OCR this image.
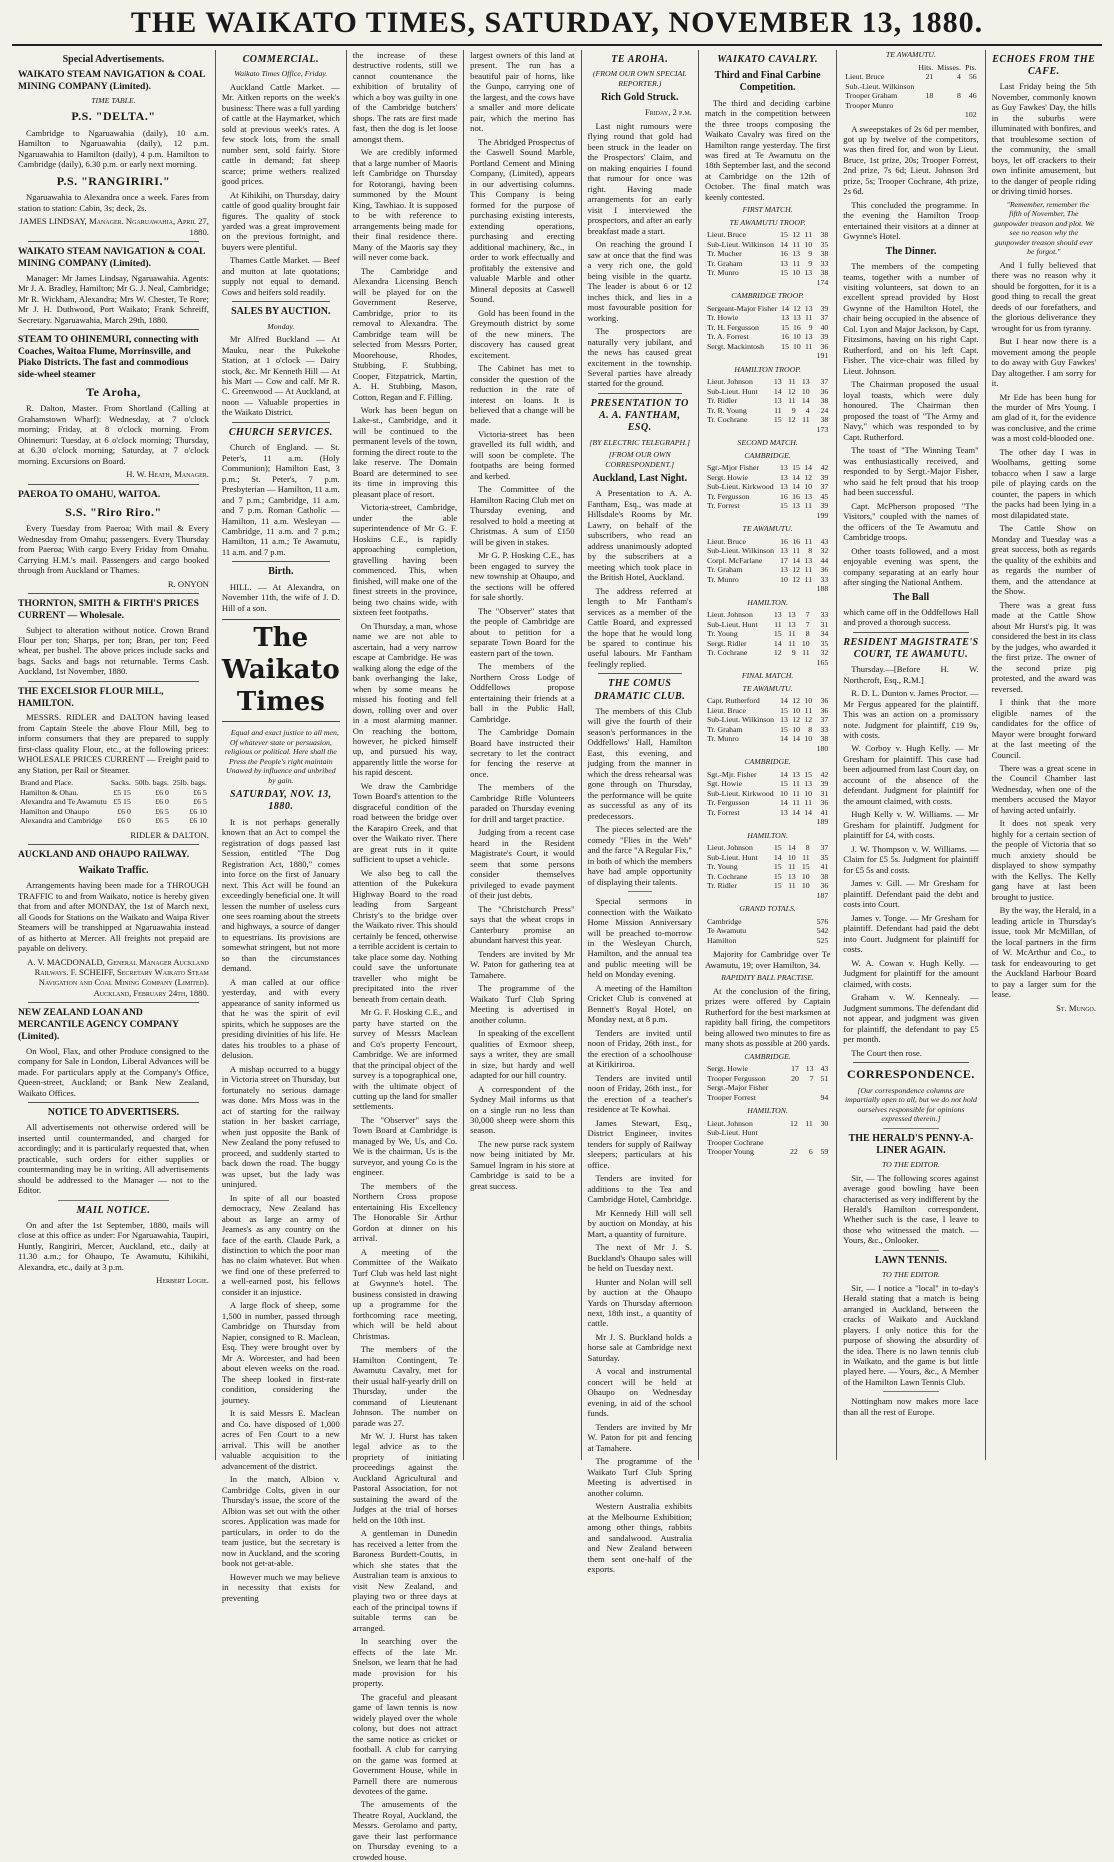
THE WAIKATO TIMES, SATURDAY, NOVEMBER 13, 1880.
Special Advertisements.
WAIKATO STEAM NAVIGATION & COAL MINING COMPANY (Limited).
TIME TABLE.
P.S. "DELTA."

Cambridge to Ngaruawahia (daily), 10 a.m. Hamilton to Ngaruawahia (daily), 12 p.m. Ngaruawahia to Hamilton (daily), 4 p.m. Hamilton to Cambridge (daily), 6.30 p.m. or early next morning.

P.S. "RANGIRIRI."

Ngaruawahia to Alexandra once a week. Fares from station to station: Cabin, 3s; deck, 2s.

JAMES LINDSAY, Manager. Ngaruawahia, April 27, 1880.
WAIKATO STEAM NAVIGATION & COAL MINING COMPANY (Limited).

Manager: Mr James Lindsay, Ngaruawahia. Agents: Mr J. A. Bradley, Hamilton; Mr G. J. Neal, Cambridge; Mr R. Wickham, Alexandra; Mrs W. Chester, Te Rore; Mr J. H. Duthwood, Port Waikato; Frank Schreiff, Secretary. Ngaruawahia, March 29th, 1880.

STEAM TO OHINEMURI, connecting with Coaches, Waitoa Flume, Morrinsville, and Piako Districts. The fast and commodious side-wheel steamer
Te Aroha,

R. Dalton, Master. From Shortland (Calling at Grahamstown Wharf): Wednesday, at 7 o'clock morning; Friday, at 8 o'clock morning. From Ohinemuri: Tuesday, at 6 o'clock morning; Thursday, at 6.30 o'clock morning; Saturday, at 7 o'clock morning. Excursions on Board.

H. W. Heath, Manager.
PAEROA TO OMAHU, WAITOA.
S.S. "Riro Riro."

Every Tuesday from Paeroa; With mail & Every Wednesday from Omahu; passengers. Every Thursday from Paeroa; With cargo Every Friday from Omahu. Carrying H.M.'s mail. Passengers and cargo booked through from Auckland or Thames.

R. ONYON
THORNTON, SMITH & FIRTH'S PRICES CURRENT — Wholesale.

Subject to alteration without notice. Crown Brand Flour per ton; Sharps, per ton; Bran, per ton; Feed wheat, per bushel. The above prices include sacks and bags. Sacks and bags not returnable. Terms Cash. Auckland, 1st November, 1880.

THE EXCELSIOR FLOUR MILL, HAMILTON.

MESSRS. RIDLER and DALTON having leased from Captain Steele the above Flour Mill, beg to inform consumers that they are prepared to supply first-class quality Flour, etc., at the following prices: WHOLESALE PRICES CURRENT — Freight paid to any Station, per Rail or Steamer.

Brand and Place.	Sacks.	50lb. bags.	25lb. bags.
Hamilton & Ohau.	£5 15	£6 0	£6 5
Alexandra and Te Awamutu	£5 15	£6 0	£6 5
Hamilton and Ohaupo	£6 0	£6 5	£6 10
Alexandra and Cambridge	£6 0	£6 5	£6 10
RIDLER & DALTON.
AUCKLAND AND OHAUPO RAILWAY.
Waikato Traffic.

Arrangements having been made for a THROUGH TRAFFIC to and from Waikato, notice is hereby given that from and after MONDAY, the 1st of March next, all Goods for Stations on the Waikato and Waipa River Steamers will be transhipped at Ngaruawahia instead of as hitherto at Mercer. All freights not prepaid are payable on delivery.

A. V. MACDONALD, General Manager Auckland Railways. F. SCHEIFF, Secretary Waikato Steam Navigation and Coal Mining Company (Limited). Auckland, February 24th, 1880.
NEW ZEALAND LOAN AND MERCANTILE AGENCY COMPANY (Limited).

On Wool, Flax, and other Produce consigned to the company for Sale in London, Liberal Advances will be made. For particulars apply at the Company's Office, Queen-street, Auckland; or Bank New Zealand, Waikato Offices.

NOTICE TO ADVERTISERS.

All advertisements not otherwise ordered will be inserted until countermanded, and charged for accordingly; and it is particularly requested that, when practicable, such orders for either supplies or countermanding may be in writing. All advertisements should be addressed to the Manager — not to the Editor.

MAIL NOTICE.

On and after the 1st September, 1880, mails will close at this office as under: For Ngaruawahia, Taupiri, Huntly, Rangiriri, Mercer, Auckland, etc., daily at 11.30 a.m.; for Ohaupo, Te Awamutu, Kihikihi, Alexandra, etc., daily at 3 p.m.

Herbert Logie.
COMMERCIAL.
Waikato Times Office, Friday.

Auckland Cattle Market. — Mr. Aitken reports on the week's business: There was a full yarding of cattle at the Haymarket, which sold at previous week's rates. A few stock lots, from the small number sent, sold fairly. Store cattle in demand; fat sheep scarce; prime wethers realized good prices.

At Kihikihi, on Thursday, dairy cattle of good quality brought fair figures. The quality of stock yarded was a great improvement on the previous fortnight, and buyers were plentiful.

Thames Cattle Market. — Beef and mutton at late quotations; supply not equal to demand. Cows and heifers sold readily.

SALES BY AUCTION.
Monday.

Mr Alfred Buckland — At Mauku, near the Pukekohe Station, at 1 o'clock — Dairy stock, &c. Mr Kenneth Hill — At his Mart — Cow and calf. Mr R. C. Greenwood — At Auckland, at noon — Valuable properties in the Waikato District.

CHURCH SERVICES.

Church of England. — St. Peter's, 11 a.m. (Holy Communion); Hamilton East, 3 p.m.; St. Peter's, 7 p.m. Presbyterian — Hamilton, 11 a.m. and 7 p.m.; Cambridge, 11 a.m. and 7 p.m. Roman Catholic — Hamilton, 11 a.m. Wesleyan — Cambridge, 11 a.m. and 7 p.m.; Hamilton, 11 a.m.; Te Awamutu, 11 a.m. and 7 p.m.

Birth.

HILL. — At Alexandra, on November 11th, the wife of J. D. Hill of a son.

The Waikato Times

Equal and exact justice to all men, Of whatever state or persuasion, religious or political. Here shall the Press the People's right maintain Unawed by influence and unbribed by gain.

SATURDAY, NOV. 13, 1880.

It is not perhaps generally known that an Act to compel the registration of dogs passed last Session, entitled "The Dog Registration Act, 1880," comes into force on the first of January next. This Act will be found an exceedingly beneficial one. It will lessen the number of useless curs one sees roaming about the streets and highways, a source of danger to equestrians. Its provisions are somewhat stringent, but not more so than the circumstances demand.

A man called at our office yesterday, and with every appearance of sanity informed us that he was the spirit of evil spirits, which he supposes are the presiding divinities of his life. He dates his troubles to a phase of delusion.

A mishap occurred to a buggy in Victoria street on Thursday, but fortunately no serious damage was done. Mrs Moss was in the act of starting for the railway station in her basket carriage, when just opposite the Bank of New Zealand the pony refused to proceed, and suddenly started to back down the road. The buggy was upset, but the lady was uninjured.

In spite of all our boasted democracy, New Zealand has about as large an army of Jeames's as any country on the face of the earth. Claude Park, a distinction to which the poor man has no claim whatever. But when we find one of these preferred to a well-earned post, his fellows consider it an injustice.

A large flock of sheep, some 1,500 in number, passed through Cambridge on Thursday from Napier, consigned to R. Maclean, Esq. They were brought over by Mr A. Worcester, and had been about eleven weeks on the road. The sheep looked in first-rate condition, considering the journey.

It is said Messrs E. Maclean and Co. have disposed of 1,000 acres of Fen Court to a new arrival. This will be another valuable acquisition to the advancement of the district.

In the match, Albion v. Cambridge Colts, given in our Thursday's issue, the score of the Albion was set out with the other scores. Application was made for particulars, in order to do the team justice, but the secretary is now in Auckland, and the scoring book not get-at-able.

However much we may believe in necessity that exists for preventing

the increase of these destructive rodents, still we cannot countenance the exhibition of brutality of which a boy was guilty in one of the Cambridge butchers' shops. The rats are first made fast, then the dog is let loose amongst them.

We are credibly informed that a large number of Maoris left Cambridge on Thursday for Rotorangi, having been summoned by the Mount King, Tawhiao. It is supposed to be with reference to arrangements being made for their final residence there. Many of the Maoris say they will never come back.

The Cambridge and Alexandra Licensing Bench will be played for on the Government Reserve, Cambridge, prior to its removal to Alexandra. The Cambridge team will be selected from Messrs Porter, Moorehouse, Rhodes, Stubbing, F. Stubbing, Cooper, Fitzpatrick, Martin, A. H. Stubbing, Mason, Cotton, Regan and F. Filling.

Work has been begun on Lake-st., Cambridge, and it will be continued to the permanent levels of the town, forming the direct route to the lake reserve. The Domain Board are determined to see its time in improving this pleasant place of resort.

Victoria-street, Cambridge, under the able superintendence of Mr G. F. Hoskins C.E., is rapidly approaching completion, gravelling having been commenced. This, when finished, will make one of the finest streets in the province, being two chains wide, with sixteen feet footpaths.

On Thursday, a man, whose name we are not able to ascertain, had a very narrow escape at Cambridge. He was walking along the edge of the bank overhanging the lake, when by some means he missed his footing and fell down, rolling over and over in a most alarming manner. On reaching the bottom, however, he picked himself up, and pursued his way, apparently little the worse for his rapid descent.

We draw the Cambridge Town Board's attention to the disgraceful condition of the road between the bridge over the Karapiro Creek, and that over the Waikato river. There are great ruts in it quite sufficient to upset a vehicle.

We also beg to call the attention of the Pukekura Highway Board to the road leading from Sargeant Christy's to the bridge over the Waikato river. This should certainly be fenced, otherwise a terrible accident is certain to take place some day. Nothing could save the unfortunate traveller who might be precipitated into the river beneath from certain death.

Mr G. F. Hosking C.E., and party have started on the survey of Messrs Maclean and Co's property Fencourt, Cambridge. We are informed that the principal object of the survey is a topographical one, with the ultimate object of cutting up the land for smaller settlements.

The "Observer" says the Town Board at Cambridge is managed by We, Us, and Co. We is the chairman, Us is the surveyor, and young Co is the engineer.

The members of the Northern Cross propose entertaining His Excellency The Honorable Sir Arthur Gordon at dinner on his arrival.

A meeting of the Committee of the Waikato Turf Club was held last night at Gwynne's hotel. The business consisted in drawing up a programme for the forthcoming race meeting, which will be held about Christmas.

The members of the Hamilton Contingent, Te Awamutu Cavalry, met for their usual half-yearly drill on Thursday, under the command of Lieutenant Johnson. The number on parade was 27.

Mr W. J. Hurst has taken legal advice as to the propriety of initiating proceedings against the Auckland Agricultural and Pastoral Association, for not sustaining the award of the Judges at the trial of horses held on the 10th inst.

A gentleman in Dunedin has received a letter from the Baroness Burdett-Coutts, in which she states that the Australian team is anxious to visit New Zealand, and playing two or three days at each of the principal towns if suitable terms can be arranged.

In searching over the effects of the late Mr. Snelson, we learn that he had made provision for his property.

The graceful and pleasant game of lawn tennis is now widely played over the whole colony, but does not attract the same notice as cricket or football. A club for carrying on the game was formed at Government House, while in Parnell there are numerous devotees of the game.

The amusements of the Theatre Royal, Auckland, the Messrs. Gerolamo and party, gave their last performance on Thursday evening to a crowded house.

largest owners of this land at present. The run has a beautiful pair of horns, like the Gunpo, carrying one of the largest, and the cows have a smaller and more delicate pair, which the merino has not.

The Abridged Prospectus of the Caswell Sound Marble, Portland Cement and Mining Company, (Limited), appears in our advertising columns. This Company is being formed for the purpose of purchasing existing interests, extending operations, purchasing and erecting additional machinery, &c., in order to work effectually and profitably the extensive and valuable Marble and other Mineral deposits at Caswell Sound.

Gold has been found in the Greymouth district by some of the new miners. The discovery has caused great excitement.

The Cabinet has met to consider the question of the reduction in the rate of interest on loans. It is believed that a change will be made.

Victoria-street has been gravelled its full width, and will soon be complete. The footpaths are being formed and kerbed.

The Committee of the Hamilton Racing Club met on Thursday evening, and resolved to hold a meeting at Christmas. A sum of £150 will be given in stakes.

Mr G. P. Hosking C.E., has been engaged to survey the new township at Ohaupo, and the sections will be offered for sale shortly.

The "Observer" states that the people of Cambridge are about to petition for a separate Town Board for the eastern part of the town.

The members of the Northern Cross Lodge of Oddfellows propose entertaining their friends at a ball in the Public Hall, Cambridge.

The Cambridge Domain Board have instructed their secretary to let the contract for fencing the reserve at once.

The members of the Cambridge Rifle Volunteers paraded on Thursday evening for drill and target practice.

Judging from a recent case heard in the Resident Magistrate's Court, it would seem that some persons consider themselves privileged to evade payment of their just debts.

The "Christchurch Press" says that the wheat crops in Canterbury promise an abundant harvest this year.

Tenders are invited by Mr W. Paton for gathering tea at Tamahere.

The programme of the Waikato Turf Club Spring Meeting is advertised in another column.

In speaking of the excellent qualities of Exmoor sheep, says a writer, they are small in size, but hardy and well adapted for our hill country.

A correspondent of the Sydney Mail informs us that on a single run no less than 30,000 sheep were shorn this season.

The new purse rack system now being initiated by Mr. Samuel Ingram in his store at Cambridge is said to be a great success.

TE AROHA.
(FROM OUR OWN SPECIAL REPORTER.)
Rich Gold Struck.
Friday, 2 p.m.

Last night rumours were flying round that gold had been struck in the leader on the Prospectors' Claim, and on making enquiries I found that rumour for once was right. Having made arrangements for an early visit I interviewed the prospectors, and after an early breakfast made a start.

On reaching the ground I saw at once that the find was a very rich one, the gold being visible in the quartz. The leader is about 6 or 12 inches thick, and lies in a most favourable position for working.

The prospectors are naturally very jubilant, and the news has caused great excitement in the township. Several parties have already started for the ground.

PRESENTATION TO A. A. FANTHAM, ESQ.
[BY ELECTRIC TELEGRAPH.]
[FROM OUR OWN CORRESPONDENT.]
Auckland, Last Night.

A Presentation to A. A. Fantham, Esq., was made at Hillsdale's Rooms by Mr. Lawry, on behalf of the subscribers, who read an address unanimously adopted by the subscribers at a meeting which took place in the British Hotel, Auckland.

The address referred at length to Mr Fantham's services as a member of the Cattle Board, and expressed the hope that he would long be spared to continue his useful labours. Mr Fantham feelingly replied.

THE COMUS DRAMATIC CLUB.

The members of this Club will give the fourth of their season's performances in the Oddfellows' Hall, Hamilton East, this evening, and judging from the manner in which the dress rehearsal was gone through on Thursday, the performance will be quite as successful as any of its predecessors.

The pieces selected are the comedy "Flies in the Web" and the farce "A Regular Fix," in both of which the members have had ample opportunity of displaying their talents.

Special sermons in connection with the Waikato Home Mission Anniversary will be preached to-morrow in the Wesleyan Church, Hamilton, and the annual tea and public meeting will be held on Monday evening.

A meeting of the Hamilton Cricket Club is convened at Bennett's Royal Hotel, on Monday next, at 8 p.m.

Tenders are invited until noon of Friday, 26th inst., for the erection of a schoolhouse at Kirikiriroa.

Tenders are invited until noon of Friday, 26th inst., for the erection of a teacher's residence at Te Kowhai.

James Stewart, Esq., District Engineer, invites tenders for supply of Railway sleepers; particulars at his office.

Tenders are invited for additions to the Tea and Cambridge Hotel, Cambridge.

Mr Kennedy Hill will sell by auction on Monday, at his Mart, a quantity of furniture.

The next of Mr J. S. Buckland's Ohaupo sales will be held on Tuesday next.

Hunter and Nolan will sell by auction at the Ohaupo Yards on Thursday afternoon next, 18th inst., a quantity of cattle.

Mr J. S. Buckland holds a horse sale at Cambridge next Saturday.

A vocal and instrumental concert will be held at Ohaupo on Wednesday evening, in aid of the school funds.

Tenders are invited by Mr W. Paton for pit and fencing at Tamahere.

The programme of the Waikato Turf Club Spring Meeting is advertised in another column.

Western Australia exhibits at the Melbourne Exhibition; among other things, rabbits and sandalwood. Australia and New Zealand between them sent one-half of the exports.

WAIKATO CAVALRY.
Third and Final Carbine Competition.

The third and deciding carbine match in the competition between the three troops composing the Waikato Cavalry was fired on the Hamilton range yesterday. The first was fired at Te Awamutu on the 18th September last, and the second at Cambridge on the 12th of October. The final match was keenly contested.

FIRST MATCH.
TE AWAMUTU TROOP.
Lieut. Bruce	15	12	11	38
Sub-Lieut. Wilkinson	14	11	10	35
Tr. Mucher	16	13	9	38
Tr. Graham	13	11	9	33
Tr. Munro	15	10	13	38
				174
CAMBRIDGE TROOP.
Sergeant-Major Fisher	14	12	13	39
Tr. Howie	13	13	11	37
Tr. H. Fergusson	15	16	9	40
Tr. A. Forrest	16	10	13	39
Sergt. Mackintosh	15	10	11	36
				191
HAMILTON TROOP.
Lieut. Johnson	13	11	13	37
Sub-Lieut. Hunt	14	12	10	36
Tr. Ridler	13	11	14	38
Tr. R. Young	11	9	4	24
Tr. Cochrane	15	12	11	38
				173
SECOND MATCH.
CAMBRIDGE.
Sgt.-Mjor Fisher	13	15	14	42
Sergt. Howie	13	14	12	39
Sub-Lieut. Kirkwood	13	14	10	37
Tr. Fergusson	16	16	13	45
Tr. Forrest	15	13	11	39
				199
TE AWAMUTU.
Lieut. Bruce	16	16	11	43
Sub-Lieut. Wilkinson	13	11	8	32
Corpl. McFarlane	17	14	13	44
Tr. Graham	13	12	11	36
Tr. Munro	10	12	11	33
				188
HAMILTON.
Lieut. Johnson	13	13	7	33
Sub-Lieut. Hunt	11	13	7	31
Tr. Young	15	11	8	34
Sergt. Ridler	14	11	10	35
Tr. Cochrane	12	9	11	32
				165
FINAL MATCH.
TE AWAMUTU.
Capt. Rutherford	14	12	10	36
Lieut. Bruce	15	10	11	36
Sub-Lieut. Wilkinson	13	12	12	37
Tr. Graham	15	10	8	33
Tr. Munro	14	14	10	38
				180
CAMBRIDGE.
Sgt.-Mjr. Fisher	14	13	15	42
Sgt. Howie	15	11	13	39
Sub-Lieut. Kirkwood	10	11	10	31
Tr. Fergusson	14	11	11	36
Tr. Forrest	13	14	14	41
				189
HAMILTON.
Lieut. Johnson	15	14	8	37
Sub-Lieut. Hunt	14	10	11	35
Tr. Young	15	11	15	41
Tr. Cochrane	15	13	10	38
Tr. Ridler	15	11	10	36
				187
GRAND TOTALS.
Cambridge	576
Te Awamutu	542
Hamilton	525

Majority for Cambridge over Te Awamutu, 19; over Hamilton, 34.

RAPIDITY BALL PRACTISE.

At the conclusion of the firing, prizes were offered by Captain Rutherford for the best marksmen at rapidity ball firing, the competitors being allowed two minutes to fire as many shots as possible at 200 yards.

CAMBRIDGE.
Sergt. Howie	17	13	43
Trooper Fergusson	20	7	51
Sergt.-Major Fisher			
Trooper Forrest			94
HAMILTON.
Lieut. Johnson	12	11	30
Sub-Lieut. Hunt			
Trooper Cochrane			
Trooper Young	22	6	59
TE AWAMUTU.
	Hits.	Misses.	Pts.
Lieut. Bruce	21	4	56
Sub.-Lieut. Wilkinson			
Trooper Graham	18	8	46
Trooper Munro			
			102

A sweepstakes of 2s 6d per member, got up by twelve of the competitors, was then fired for, and won by Lieut. Bruce, 1st prize, 20s; Trooper Forrest, 2nd prize, 7s 6d; Lieut. Johnson 3rd prize, 5s; Trooper Cochrane, 4th prize, 2s 6d.

This concluded the programme. In the evening the Hamilton Troop entertained their visitors at a dinner at Gwynne's Hotel.

The Dinner.

The members of the competing teams, together with a number of visiting volunteers, sat down to an excellent spread provided by Host Gwynne of the Hamilton Hotel, the chair being occupied in the absence of Col. Lyon and Major Jackson, by Capt. Fitzsimons, having on his right Capt. Rutherford, and on his left Capt. Fisher. The vice-chair was filled by Lieut. Johnson.

The Chairman proposed the usual loyal toasts, which were duly honoured. The Chairman then proposed the toast of "The Army and Navy," which was responded to by Capt. Rutherford.

The toast of "The Winning Team" was enthusiastically received, and responded to by Sergt.-Major Fisher, who said he felt proud that his troop had been successful.

Capt. McPherson proposed "The Visitors," coupled with the names of the officers of the Te Awamutu and Cambridge troops.

Other toasts followed, and a most enjoyable evening was spent, the company separating at an early hour after singing the National Anthem.

The Ball

which came off in the Oddfellows Hall and proved a thorough success.

RESIDENT MAGISTRATE'S COURT, TE AWAMUTU.

Thursday.—[Before H. W. Northcroft, Esq., R.M.]

R. D. L. Dunton v. James Proctor. — Mr Fergus appeared for the plaintiff. This was an action on a promissory note. Judgment for plaintiff, £19 9s, with costs.

W. Corboy v. Hugh Kelly. — Mr Gresham for plaintiff. This case had been adjourned from last Court day, on account of the absence of the defendant. Judgment for plaintiff for the amount claimed, with costs.

Hugh Kelly v. W. Williams. — Mr Gresham for plaintiff. Judgment for plaintiff for £4, with costs.

J. W. Thompson v. W. Williams. — Claim for £5 5s. Judgment for plaintiff for £5 5s and costs.

James v. Gill. — Mr Gresham for plaintiff. Defendant paid the debt and costs into Court.

James v. Tonge. — Mr Gresham for plaintiff. Defendant had paid the debt into Court. Judgment for plaintiff for costs.

W. A. Cowan v. Hugh Kelly. — Judgment for plaintiff for the amount claimed, with costs.

Graham v. W. Kennealy. — Judgment summons. The defendant did not appear, and judgment was given for plaintiff, the defendant to pay £5 per month.

The Court then rose.

CORRESPONDENCE.
[Our correspondence columns are impartially open to all, but we do not hold ourselves responsible for opinions expressed therein.]
THE HERALD'S PENNY-A-LINER AGAIN.
TO THE EDITOR.

Sir, — The following scores against average good bowling have been characterised as very indifferent by the Herald's Hamilton correspondent. Whether such is the case, I leave to those who witnessed the match. — Yours, &c., Onlooker.

LAWN TENNIS.
TO THE EDITOR.

Sir, — I notice a "local" in to-day's Herald stating that a match is being arranged in Auckland, between the cracks of Waikato and Auckland players. I only notice this for the purpose of showing the absurdity of the idea. There is no lawn tennis club in Waikato, and the game is but little played here. — Yours, &c., A Member of the Hamilton Lawn Tennis Club.

Nottingham now makes more lace than all the rest of Europe.

ECHOES FROM THE CAFE.

Last Friday being the 5th November, commonly known as Guy Fawkes' Day, the hills in the suburbs were illuminated with bonfires, and that troublesome section of the community, the small boys, let off crackers to their own infinite amusement, but to the danger of people riding or driving timid horses.

"Remember, remember the fifth of November, The gunpowder treason and plot. We see no reason why the gunpowder treason should ever be forgot."

And I fully believed that there was no reason why it should be forgotten, for it is a good thing to recall the great deeds of our forefathers, and the glorious deliverance they wrought for us from tyranny.

But I hear now there is a movement among the people to do away with Guy Fawkes' Day altogether. I am sorry for it.

Mr Ede has been hung for the murder of Mrs Young. I am glad of it, for the evidence was conclusive, and the crime was a most cold-blooded one.

The other day I was in Woolhams, getting some tobacco when I saw a large pile of playing cards on the counter, the papers in which the packs had been lying in a most dilapidated state.

The Cattle Show on Monday and Tuesday was a great success, both as regards the quality of the exhibits and as regards the number of them, and the attendance at the Show.

There was a great fuss made at the Cattle Show about Mr Hurst's pig. It was considered the best in its class by the judges, who awarded it the first prize. The owner of the second prize pig protested, and the award was reversed.

I think that the more eligible names of the candidates for the office of Mayor were brought forward at the last meeting of the Council.

There was a great scene in the Council Chamber last Wednesday, when one of the members accused the Mayor of having acted unfairly.

It does not speak very highly for a certain section of the people of Victoria that so much anxiety should be displayed to show sympathy with the Kellys. The Kelly gang have at last been brought to justice.

By the way, the Herald, in a leading article in Thursday's issue, took Mr McMillan, of the local partners in the firm of W. McArthur and Co., to task for endeavouring to get the Auckland Harbour Board to pay a larger sum for the lease.

St. Mungo.
